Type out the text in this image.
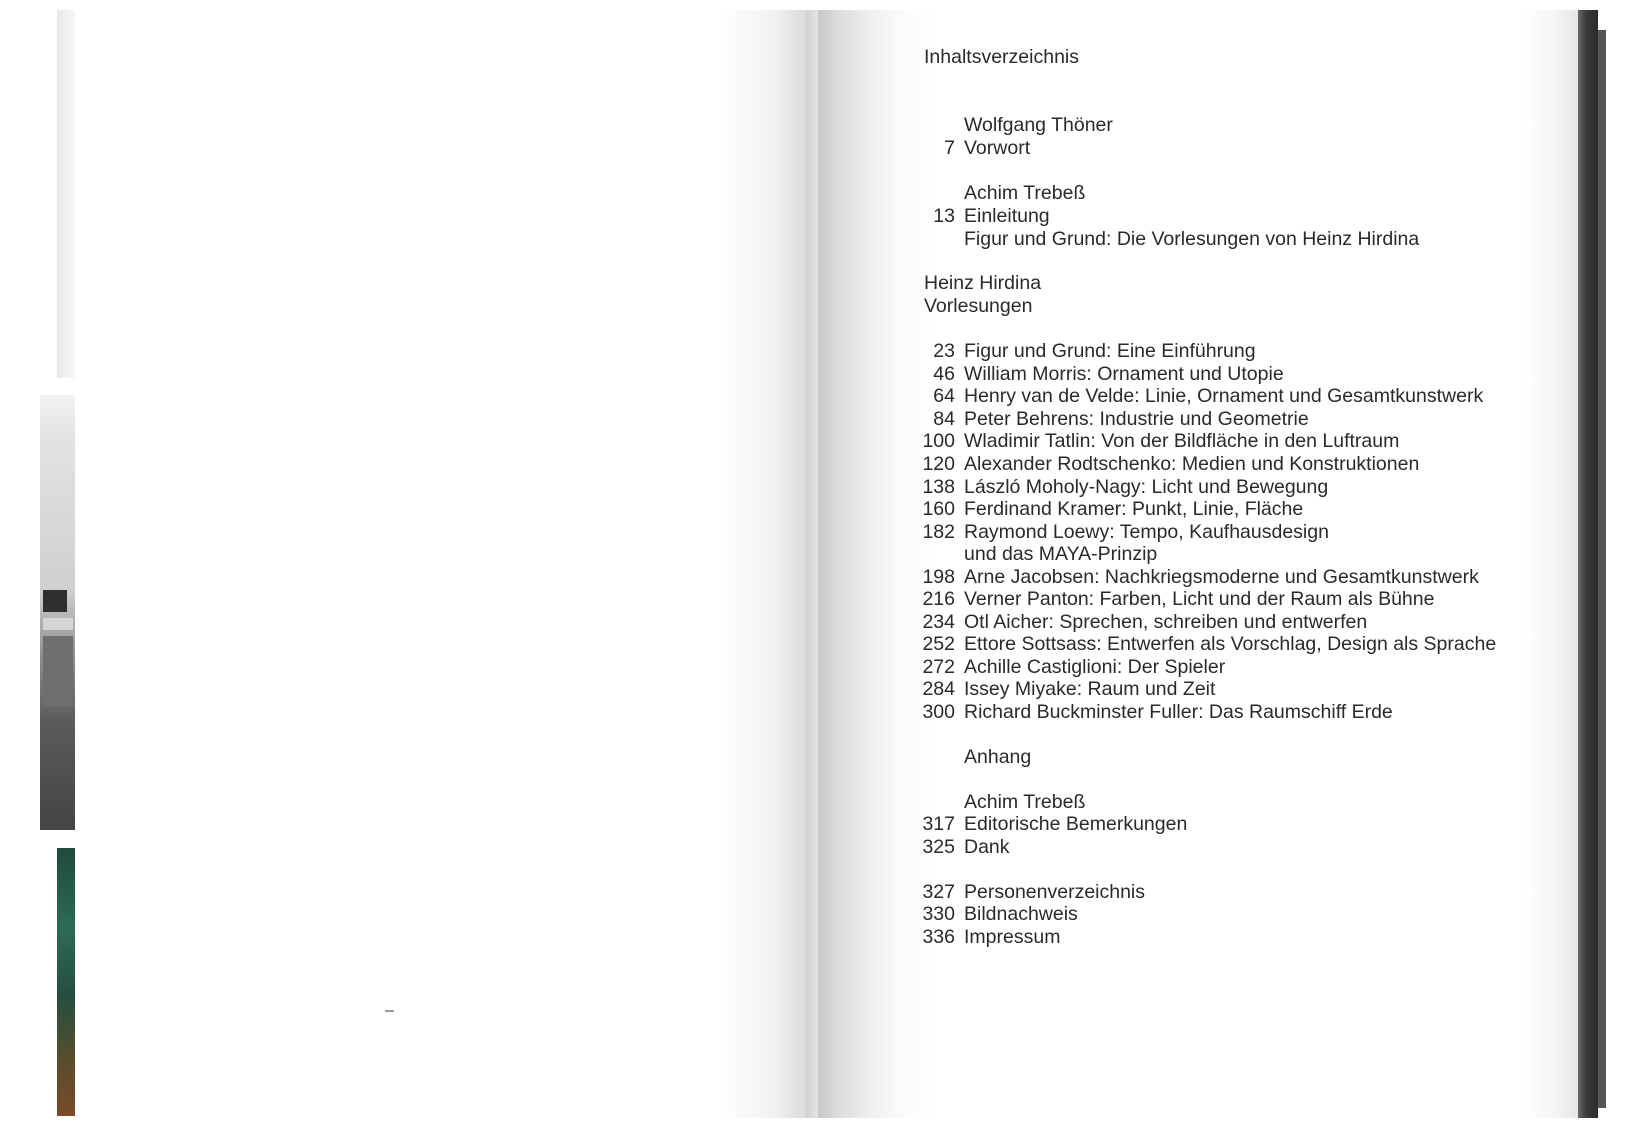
Inhaltsverzeichnis
Wolfgang Thöner
7 Vorwort
Achim Trebeß
13 Einleitung
Figur und Grund: Die Vorlesungen von Heinz Hirdina
Heinz Hirdina
Vorlesungen
23 Figur und Grund: Eine Einführung
46 William Morris: Ornament und Utopie
64 Henry van de Velde: Linie, Ornament und Gesamtkunstwerk
84 Peter Behrens: Industrie und Geometrie
100 Wladimir Tatlin: Von der Bildfläche in den Luftraum
120 Alexander Rodtschenko: Medien und Konstruktionen
138 László Moholy-Nagy: Licht und Bewegung
160 Ferdinand Kramer: Punkt, Linie, Fläche
182 Raymond Loewy: Tempo, Kaufhausdesign
und das MAYA-Prinzip
198 Arne Jacobsen: Nachkriegsmoderne und Gesamtkunstwerk
216 Verner Panton: Farben, Licht und der Raum als Bühne
234 Otl Aicher: Sprechen, schreiben und entwerfen
252 Ettore Sottsass: Entwerfen als Vorschlag, Design als Sprache
272 Achille Castiglioni: Der Spieler
284 Issey Miyake: Raum und Zeit
300 Richard Buckminster Fuller: Das Raumschiff Erde
Anhang
Achim Trebeß
317 Editorische Bemerkungen
325 Dank
327 Personenverzeichnis
330 Bildnachweis
336 Impressum
